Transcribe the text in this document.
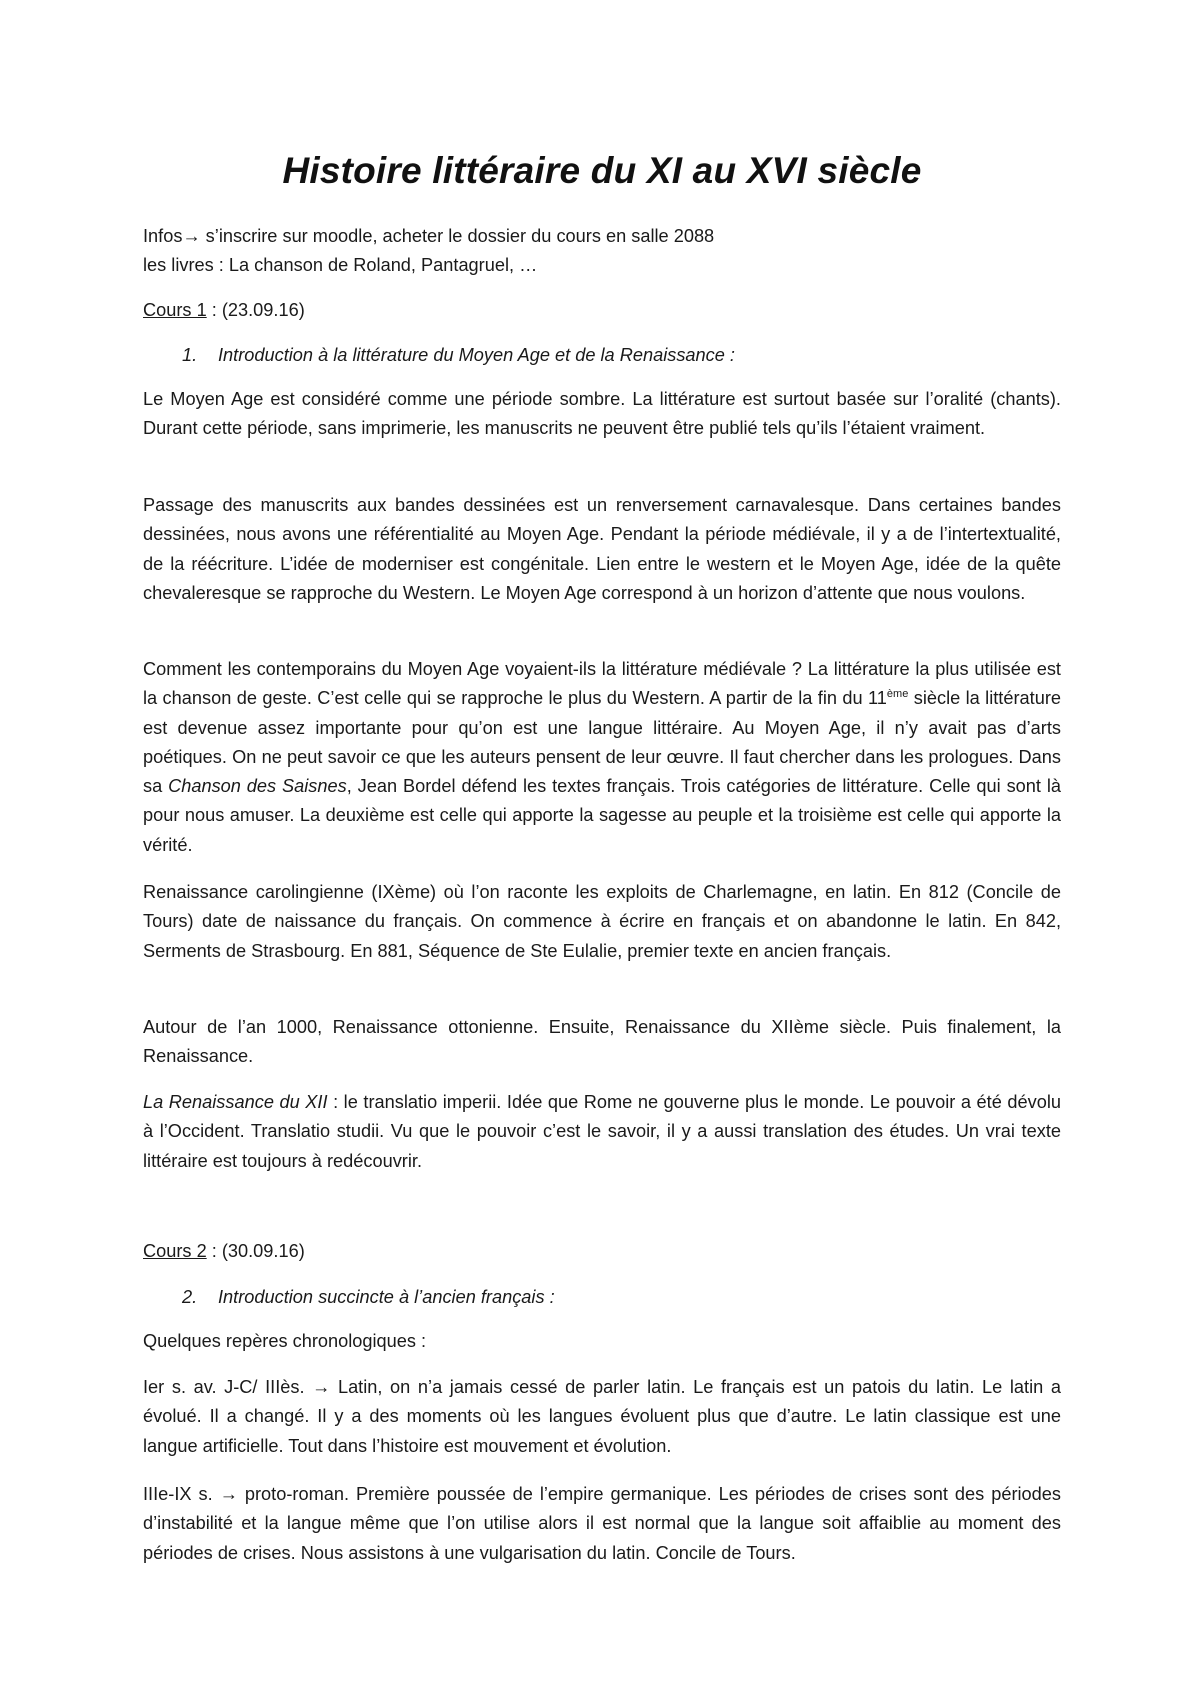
Histoire littéraire du XI au XVI siècle
Infos→ s’inscrire sur moodle, acheter le dossier du cours en salle 2088
les livres : La chanson de Roland, Pantagruel, …
Cours 1 : (23.09.16)
1. Introduction à la littérature du Moyen Age et de la Renaissance :

Le Moyen Age est considéré comme une période sombre. La littérature est surtout basée sur l’oralité (chants). Durant cette période, sans imprimerie, les manuscrits ne peuvent être publié tels qu’ils l’étaient vraiment.

Passage des manuscrits aux bandes dessinées est un renversement carnavalesque. Dans certaines bandes dessinées, nous avons une référentialité au Moyen Age. Pendant la période médiévale, il y a de l’intertextualité, de la réécriture. L’idée de moderniser est congénitale. Lien entre le western et le Moyen Age, idée de la quête chevaleresque se rapproche du Western. Le Moyen Age correspond à un horizon d’attente que nous voulons.

Comment les contemporains du Moyen Age voyaient-ils la littérature médiévale ? La littérature la plus utilisée est la chanson de geste. C’est celle qui se rapproche le plus du Western. A partir de la fin du 11ème siècle la littérature est devenue assez importante pour qu’on est une langue littéraire. Au Moyen Age, il n’y avait pas d’arts poétiques. On ne peut savoir ce que les auteurs pensent de leur œuvre. Il faut chercher dans les prologues. Dans sa Chanson des Saisnes, Jean Bordel défend les textes français. Trois catégories de littérature. Celle qui sont là pour nous amuser. La deuxième est celle qui apporte la sagesse au peuple et la troisième est celle qui apporte la vérité.

Renaissance carolingienne (IXème) où l’on raconte les exploits de Charlemagne, en latin. En 812 (Concile de Tours) date de naissance du français. On commence à écrire en français et on abandonne le latin. En 842, Serments de Strasbourg. En 881, Séquence de Ste Eulalie, premier texte en ancien français.

Autour de l’an 1000, Renaissance ottonienne. Ensuite, Renaissance du XIIème siècle. Puis finalement, la Renaissance.

La Renaissance du XII : le translatio imperii. Idée que Rome ne gouverne plus le monde. Le pouvoir a été dévolu à l’Occident. Translatio studii. Vu que le pouvoir c’est le savoir, il y a aussi translation des études. Un vrai texte littéraire est toujours à redécouvrir.

Cours 2 : (30.09.16)
2. Introduction succincte à l’ancien français :

Quelques repères chronologiques :

Ier s. av. J-C/ IIIès. → Latin, on n’a jamais cessé de parler latin. Le français est un patois du latin. Le latin a évolué. Il a changé. Il y a des moments où les langues évoluent plus que d’autre. Le latin classique est une langue artificielle. Tout dans l’histoire est mouvement et évolution.

IIIe-IX s. → proto-roman. Première poussée de l’empire germanique. Les périodes de crises sont des périodes d’instabilité et la langue même que l’on utilise alors il est normal que la langue soit affaiblie au moment des périodes de crises. Nous assistons à une vulgarisation du latin. Concile de Tours.
